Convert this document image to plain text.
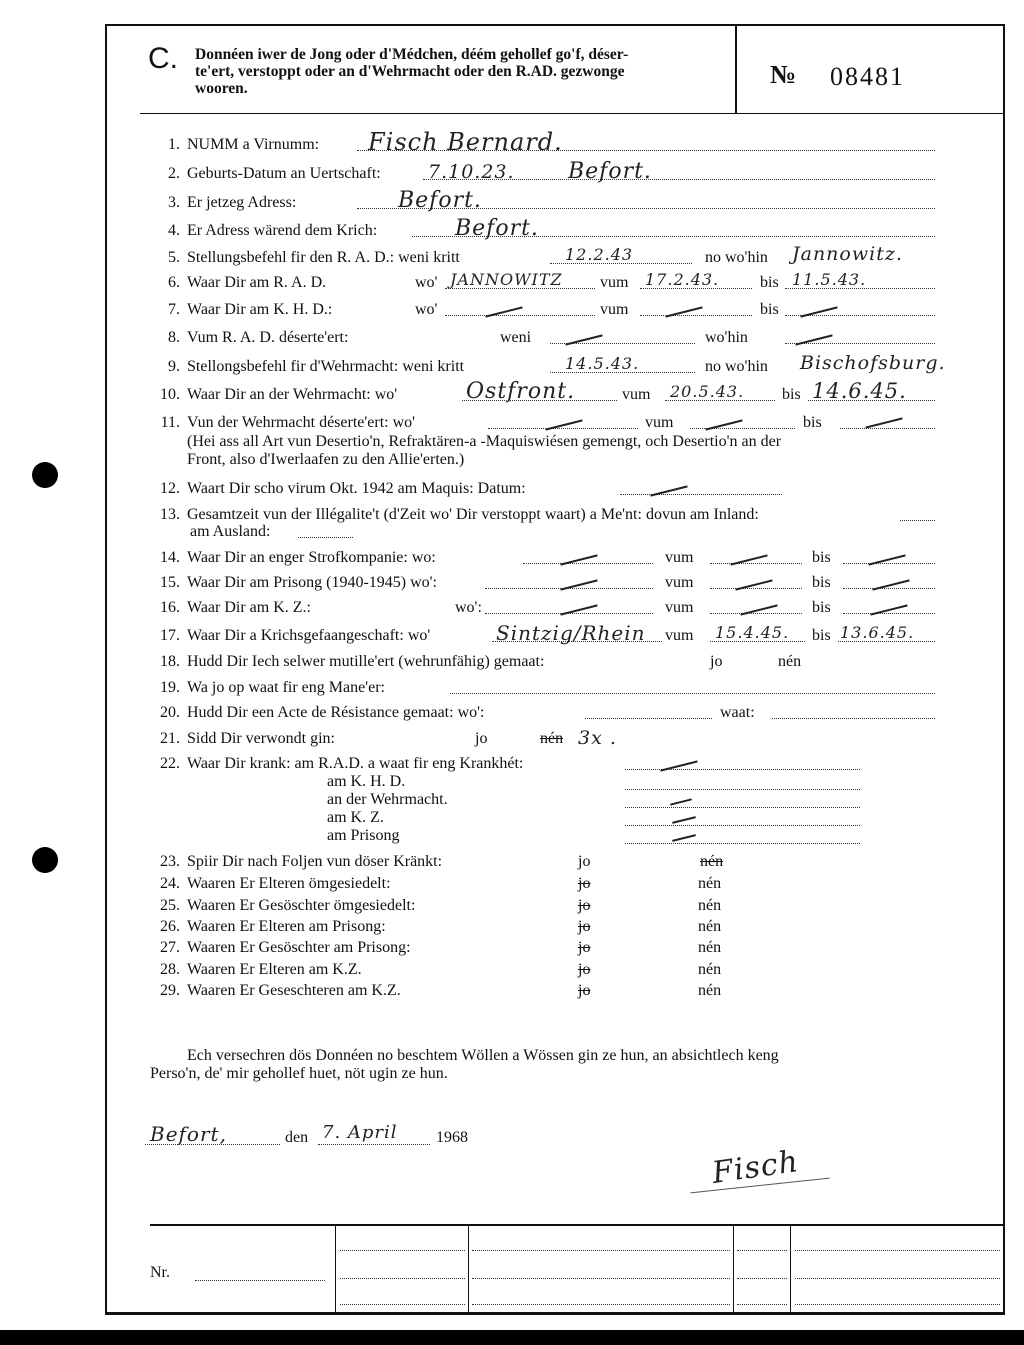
C. Donnéen iwer de Jong oder d'Médchen, déém gehollef go'f, déser-
te'ert, verstoppt oder an d'Wehrmacht oder den R.AD. gezwonge
wooren.	№ 08481
1. NUMM a Virnumm: Fisch Bernard.
2. Geburts-Datum an Uertschaft: 7.10.23. Befort.
3. Er jetzeg Adress:	Befort.
4. Er Adress wärend dem Krich:	Befort.
5. Stellungsbefehl fir den R. A. D.: weni kritt	12.2.43	no wo'hin Jannowitz.
6. Waar Dir am R. A. D.	wo' JANNOWITZ vum 17.2.43.	bis 11.5.43.
7. Waar Dir am K. H. D.:	wo'	vum	bis
8. Vum R. A. D. déserte'ert:	weni	wo'hin
9. Stellongsbefehl fir d'Wehrmacht: weni kritt	14.5.43.	no wo'hin Bischofsburg.
10. Waar Dir an der Wehrmacht: wo'	Ostfront.	vum 20.5.43. bis 14.6.45.
11. Vun der Wehrmacht déserte'ert: wo'	vum	bis
(Hei ass all Art vun Desertio'n, Refraktären-a -Maquiswiésen gemengt, och Desertio'n an der
Front, also d'Iwerlaafen zu den Allie'erten.)
12. Waart Dir scho virum Okt. 1942 am Maquis: Datum:
13. Gesamtzeit vun der Illégalite't (d'Zeit wo' Dir verstoppt waart) a Me'nt: dovun am Inland:
am Ausland:
14. Waar Dir an enger Strofkompanie: wo:	vum	bis
15. Waar Dir am Prisong (1940-1945) wo':	vum	bis
16. Waar Dir am K. Z.:	wo':	vum	bis
17. Waar Dir a Krichsgefaangeschaft: wo'	Sintzig/Rhein vum 15.4.45. bis 13.6.45.
18. Hudd Dir Iech selwer mutille'ert (wehrunfähig) gemaat:	jo	nén
19. Wa jo op waat fir eng Mane'er:
20. Hudd Dir een Acte de Résistance gemaat: wo':	waat:
21. Sidd Dir verwondt gin:	jo	nén 3x .
22. Waar Dir krank: am R.A.D. a waat fir eng Krankhét:
am K. H. D.
an der Wehrmacht.
am K. Z.
am Prisong
23. Spiir Dir nach Foljen vun döser Kränkt:	jo	nén
24. Waaren Er Elteren ömgesiedelt:	jo	nén
25. Waaren Er Gesöschter ömgesiedelt:	jo	nén
26. Waaren Er Elteren am Prisong:	jo	nén
27. Waaren Er Gesöschter am Prisong:	jo	nén
28. Waaren Er Elteren am K.Z.	jo	nén
29. Waaren Er Geseschteren am K.Z.	jo	nén
Ech versechren dös Donnéen no beschtem Wöllen a Wössen gin ze hun, an absichtlech keng
Perso'n, de' mir gehollef huet, nöt ugin ze hun.
Befort,	den 7. April 1968
Fisch
Nr.
